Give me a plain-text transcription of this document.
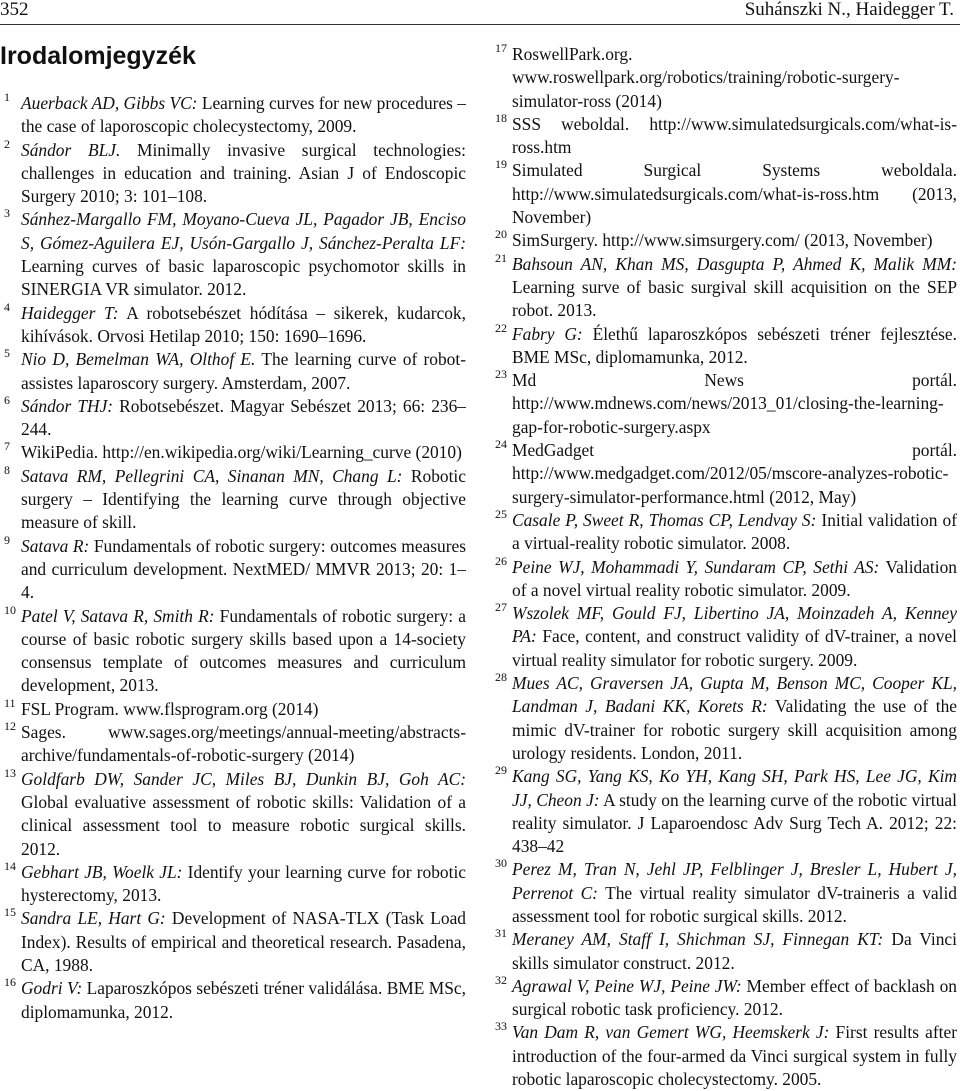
352	Suhánszki N., Haidegger T.
Irodalomjegyzék

1 Auerback AD, Gibbs VC: Learning curves for new procedures – the case of laporoscopic cholecystectomy, 2009.

2 Sándor BLJ. Minimally invasive surgical technologies: challenges in education and training. Asian J of Endoscopic Surgery 2010; 3: 101–108.

3 Sánhez-Margallo FM, Moyano-Cueva JL, Pagador JB, Enciso S, Gómez-Aguilera EJ, Usón-Gargallo J, Sánchez-Peralta LF: Learning curves of basic laparoscopic psychomotor skills in SINERGIA VR simulator. 2012.

4 Haidegger T: A robotsebészet hódítása – sikerek, kudarcok, kihívások. Orvosi Hetilap 2010; 150: 1690–1696.

5 Nio D, Bemelman WA, Olthof E. The learning curve of robot-assistes laparoscory surgery. Amsterdam, 2007.

6 Sándor THJ: Robotsebészet. Magyar Sebészet 2013; 66: 236–244.

7 WikiPedia. http://en.wikipedia.org/wiki/Learning_curve (2010)

8 Satava RM, Pellegrini CA, Sinanan MN, Chang L: Robotic surgery – Identifying the learning curve through objective measure of skill.

9 Satava R: Fundamentals of robotic surgery: outcomes measures and curriculum development. NextMED/ MMVR 2013; 20: 1–4.

10 Patel V, Satava R, Smith R: Fundamentals of robotic surgery: a course of basic robotic surgery skills based upon a 14-society consensus template of outcomes measures and curriculum development, 2013.

11 FSL Program. www.flsprogram.org (2014)

12 Sages. www.sages.org/meetings/annual-meeting/abstracts-archive/fundamentals-of-robotic-surgery (2014)

13 Goldfarb DW, Sander JC, Miles BJ, Dunkin BJ, Goh AC: Global evaluative assessment of robotic skills: Validation of a clinical assessment tool to measure robotic surgical skills. 2012.

14 Gebhart JB, Woelk JL: Identify your learning curve for robotic hysterectomy, 2013.

15 Sandra LE, Hart G: Development of NASA-TLX (Task Load Index). Results of empirical and theoretical research. Pasadena, CA, 1988.

16 Godri V: Laparoszkópos sebészeti tréner validálása. BME MSc, diplomamunka, 2012.

17 RoswellPark.org. www.roswellpark.org/robotics/training/robotic-surgery-simulator-ross (2014)

18 SSS weboldal. http://www.simulatedsurgicals.com/what-is-ross.htm

19 Simulated Surgical Systems weboldala. http://www.simulatedsurgicals.com/what-is-ross.htm (2013, November)

20 SimSurgery. http://www.simsurgery.com/ (2013, November)

21 Bahsoun AN, Khan MS, Dasgupta P, Ahmed K, Malik MM: Learning surve of basic surgival skill acquisition on the SEP robot. 2013.

22 Fabry G: Élethű laparoszkópos sebészeti tréner fejlesztése. BME MSc, diplomamunka, 2012.

23 Md News portál. http://www.mdnews.com/news/2013_01/closing-the-learning-gap-for-robotic-surgery.aspx

24 MedGadget portál. http://www.medgadget.com/2012/05/mscore-analyzes-robotic-surgery-simulator-performance.html (2012, May)

25 Casale P, Sweet R, Thomas CP, Lendvay S: Initial validation of a virtual-reality robotic simulator. 2008.

26 Peine WJ, Mohammadi Y, Sundaram CP, Sethi AS: Validation of a novel virtual reality robotic simulator. 2009.

27 Wszolek MF, Gould FJ, Libertino JA, Moinzadeh A, Kenney PA: Face, content, and construct validity of dV-trainer, a novel virtual reality simulator for robotic surgery. 2009.

28 Mues AC, Graversen JA, Gupta M, Benson MC, Cooper KL, Landman J, Badani KK, Korets R: Validating the use of the mimic dV-trainer for robotic surgery skill acquisition among urology residents. London, 2011.

29 Kang SG, Yang KS, Ko YH, Kang SH, Park HS, Lee JG, Kim JJ, Cheon J: A study on the learning curve of the robotic virtual reality simulator. J Laparoendosc Adv Surg Tech A. 2012; 22: 438–42

30 Perez M, Tran N, Jehl JP, Felblinger J, Bresler L, Hubert J, Perrenot C: The virtual reality simulator dV-traineris a valid assessment tool for robotic surgical skills. 2012.

31 Meraney AM, Staff I, Shichman SJ, Finnegan KT: Da Vinci skills simulator construct. 2012.

32 Agrawal V, Peine WJ, Peine JW: Member effect of backlash on surgical robotic task proficiency. 2012.

33 Van Dam R, van Gemert WG, Heemskerk J: First results after introduction of the four-armed da Vinci surgical system in fully robotic laparoscopic cholecystectomy. 2005.
